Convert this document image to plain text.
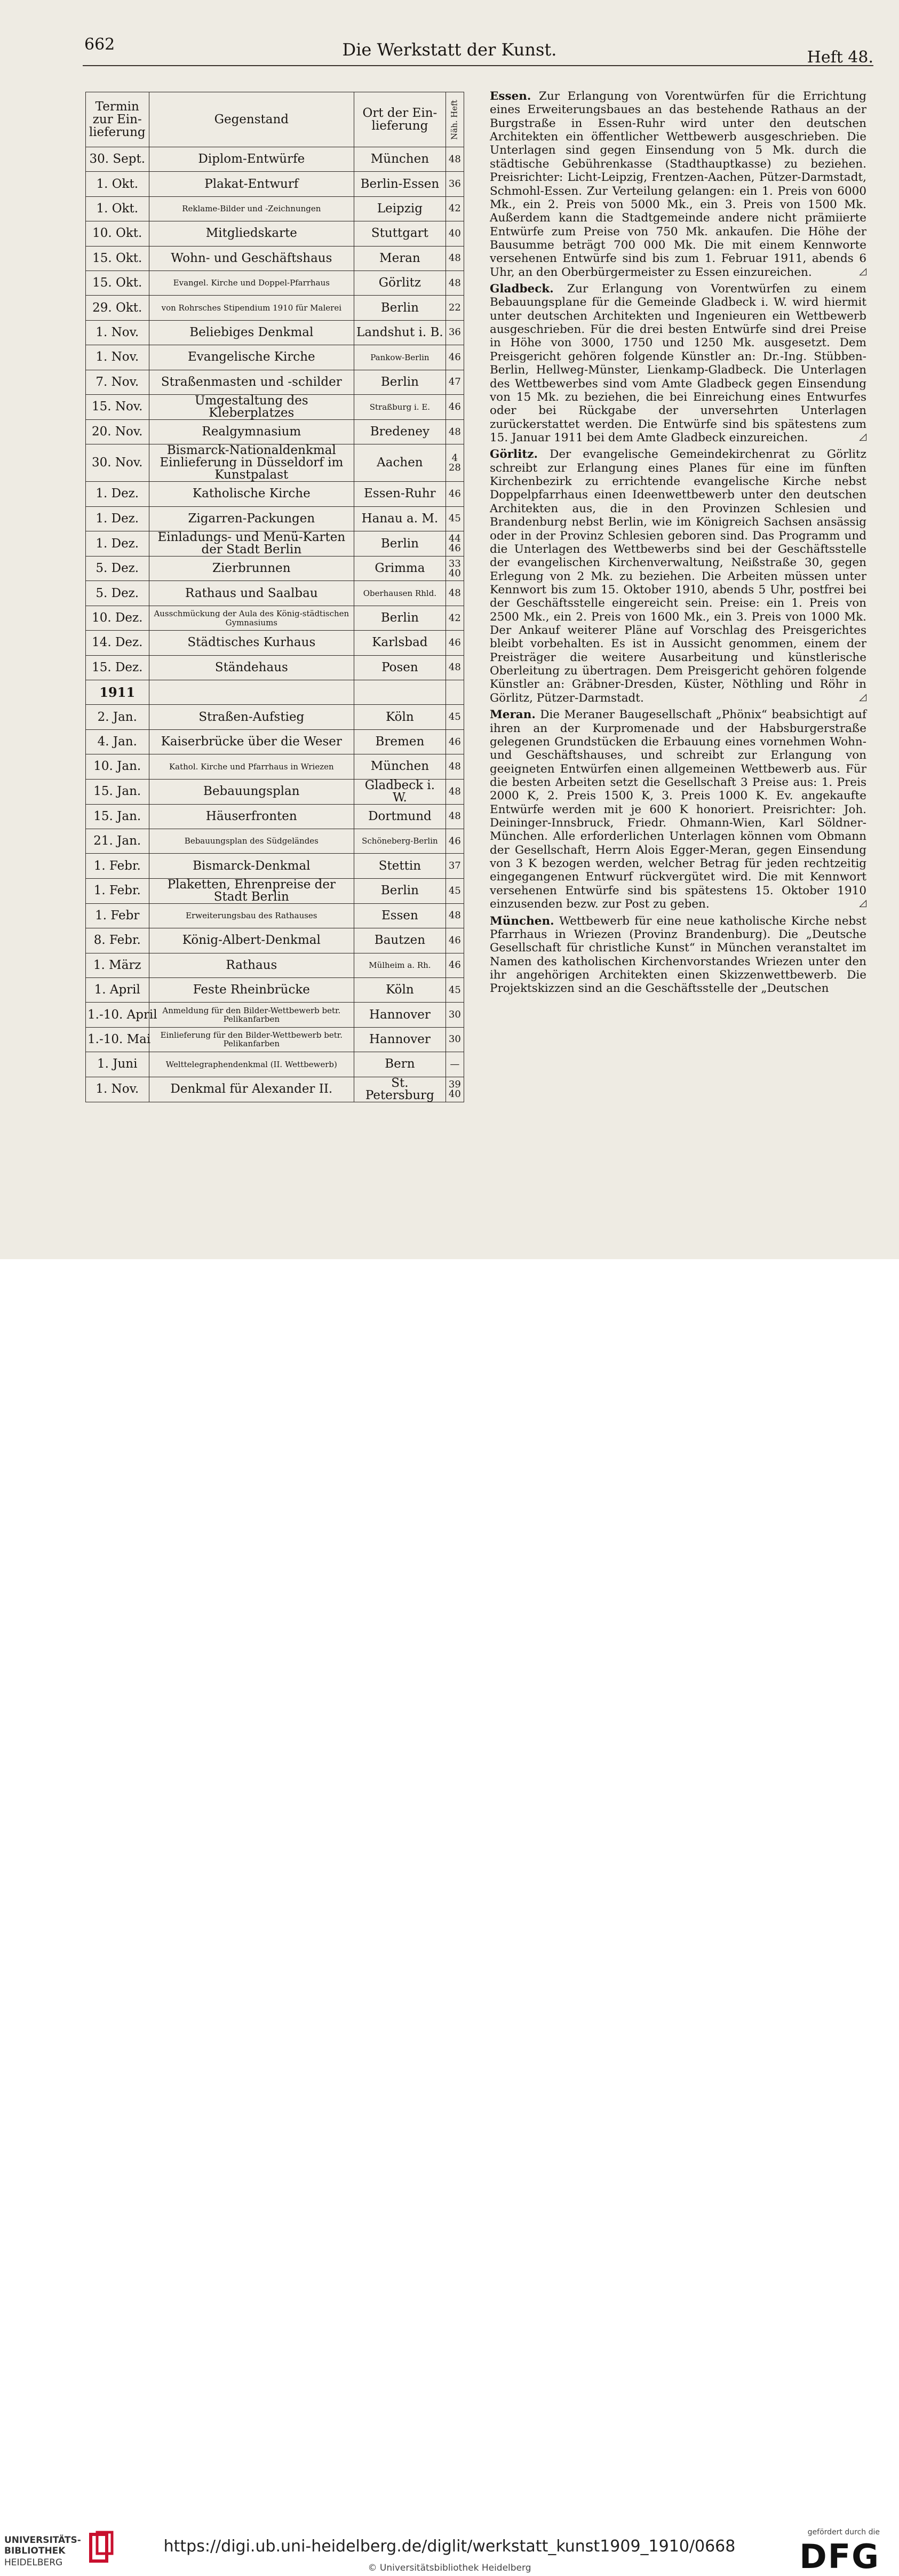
662	Die Werkstatt der Kunst.	Heft 48.
Termin zur Ein-lieferung	Gegenstand	Ort der Ein-lieferung	Näh. Heft
30. Sept.	Diplom-Entwürfe	München	48
1. Okt.	Plakat-Entwurf	Berlin-Essen	36
1. Okt.	Reklame-Bilder und -Zeichnungen	Leipzig	42
10. Okt.	Mitgliedskarte	Stuttgart	40
15. Okt.	Wohn- und Geschäftshaus	Meran	48
15. Okt.	Evangel. Kirche und Doppel-Pfarrhaus	Görlitz	48
29. Okt.	von Rohrsches Stipendium 1910 für Malerei	Berlin	22
1. Nov.	Beliebiges Denkmal	Landshut i. B.	36
1. Nov.	Evangelische Kirche	Pankow-Berlin	46
7. Nov.	Straßenmasten und -schilder	Berlin	47
15. Nov.	Umgestaltung des Kleberplatzes	Straßburg i. E.	46
20. Nov.	Realgymnasium	Bredeney	48
30. Nov.	Bismarck-Nationaldenkmal Einlieferung in Düsseldorf im Kunstpalast	Aachen	4 28
1. Dez.	Katholische Kirche	Essen-Ruhr	46
1. Dez.	Zigarren-Packungen	Hanau a. M.	45
1. Dez.	Einladungs- und Menü-Karten der Stadt Berlin	Berlin	44 46
5. Dez.	Zierbrunnen	Grimma	33 40
5. Dez.	Rathaus und Saalbau	Oberhausen Rhld.	48
10. Dez.	Ausschmückung der Aula des König-städtischen Gymnasiums	Berlin	42
14. Dez.	Städtisches Kurhaus	Karlsbad	46
15. Dez.	Ständehaus	Posen	48
1911			
2. Jan.	Straßen-Aufstieg	Köln	45
4. Jan.	Kaiserbrücke über die Weser	Bremen	46
10. Jan.	Kathol. Kirche und Pfarrhaus in Wriezen	München	48
15. Jan.	Bebauungsplan	Gladbeck i. W.	48
15. Jan.	Häuserfronten	Dortmund	48
21. Jan.	Bebauungsplan des Südgeländes	Schöneberg-Berlin	46
1. Febr.	Bismarck-Denkmal	Stettin	37
1. Febr.	Plaketten, Ehrenpreise der Stadt Berlin	Berlin	45
1. Febr	Erweiterungsbau des Rathauses	Essen	48
8. Febr.	König-Albert-Denkmal	Bautzen	46
1. März	Rathaus	Mülheim a. Rh.	46
1. April	Feste Rheinbrücke	Köln	45
1.-10. April	Anmeldung für den Bilder-Wettbewerb betr. Pelikanfarben	Hannover	30
1.-10. Mai	Einlieferung für den Bilder-Wettbewerb betr. Pelikanfarben	Hannover	30
1. Juni	Welttelegraphendenkmal (II. Wettbewerb)	Bern	—
1. Nov.	Denkmal für Alexander II.	St. Petersburg	39 40

Essen. Zur Erlangung von Vorentwürfen für die Errichtung eines Erweiterungsbaues an das bestehende Rathaus an der Burgstraße in Essen-Ruhr wird unter den deutschen Architekten ein öffentlicher Wettbewerb ausgeschrieben. Die Unterlagen sind gegen Einsendung von 5 Mk. durch die städtische Gebührenkasse (Stadthauptkasse) zu beziehen. Preisrichter: Licht-Leipzig, Frentzen-Aachen, Pützer-Darmstadt, Schmohl-Essen. Zur Verteilung gelangen: ein 1. Preis von 6000 Mk., ein 2. Preis von 5000 Mk., ein 3. Preis von 1500 Mk. Außerdem kann die Stadtgemeinde andere nicht prämiierte Entwürfe zum Preise von 750 Mk. ankaufen. Die Höhe der Bausumme beträgt 700 000 Mk. Die mit einem Kennworte versehenen Entwürfe sind bis zum 1. Februar 1911, abends 6 Uhr, an den Oberbürgermeister zu Essen einzureichen.	◿

Gladbeck. Zur Erlangung von Vorentwürfen zu einem Bebauungsplane für die Gemeinde Gladbeck i. W. wird hiermit unter deutschen Architekten und Ingenieuren ein Wettbewerb ausgeschrieben. Für die drei besten Entwürfe sind drei Preise in Höhe von 3000, 1750 und 1250 Mk. ausgesetzt. Dem Preisgericht gehören folgende Künstler an: Dr.-Ing. Stübben-Berlin, Hellweg-Münster, Lienkamp-Gladbeck. Die Unterlagen des Wettbewerbes sind vom Amte Gladbeck gegen Einsendung von 15 Mk. zu beziehen, die bei Einreichung eines Entwurfes oder bei Rückgabe der unversehrten Unterlagen zurückerstattet werden. Die Entwürfe sind bis spätestens zum 15. Januar 1911 bei dem Amte Gladbeck einzureichen.	◿

Görlitz. Der evangelische Gemeindekirchenrat zu Görlitz schreibt zur Erlangung eines Planes für eine im fünften Kirchenbezirk zu errichtende evangelische Kirche nebst Doppelpfarrhaus einen Ideenwettbewerb unter den deutschen Architekten aus, die in den Provinzen Schlesien und Brandenburg nebst Berlin, wie im Königreich Sachsen ansässig oder in der Provinz Schlesien geboren sind. Das Programm und die Unterlagen des Wettbewerbs sind bei der Geschäftsstelle der evangelischen Kirchenverwaltung, Neißstraße 30, gegen Erlegung von 2 Mk. zu beziehen. Die Arbeiten müssen unter Kennwort bis zum 15. Oktober 1910, abends 5 Uhr, postfrei bei der Geschäftsstelle eingereicht sein. Preise: ein 1. Preis von 2500 Mk., ein 2. Preis von 1600 Mk., ein 3. Preis von 1000 Mk. Der Ankauf weiterer Pläne auf Vorschlag des Preisgerichtes bleibt vorbehalten. Es ist in Aussicht genommen, einem der Preisträger die weitere Ausarbeitung und künstlerische Oberleitung zu übertragen. Dem Preisgericht gehören folgende Künstler an: Gräbner-Dresden, Küster, Nöthling und Röhr in Görlitz, Pützer-Darmstadt.	◿

Meran. Die Meraner Baugesellschaft „Phönix“ beabsichtigt auf ihren an der Kurpromenade und der Habsburgerstraße gelegenen Grundstücken die Erbauung eines vornehmen Wohn- und Geschäftshauses, und schreibt zur Erlangung von geeigneten Entwürfen einen allgemeinen Wettbewerb aus. Für die besten Arbeiten setzt die Gesellschaft 3 Preise aus: 1. Preis 2000 K, 2. Preis 1500 K, 3. Preis 1000 K. Ev. angekaufte Entwürfe werden mit je 600 K honoriert. Preisrichter: Joh. Deininger-Innsbruck, Friedr. Ohmann-Wien, Karl Söldner-München. Alle erforderlichen Unterlagen können vom Obmann der Gesellschaft, Herrn Alois Egger-Meran, gegen Einsendung von 3 K bezogen werden, welcher Betrag für jeden rechtzeitig eingegangenen Entwurf rückvergütet wird. Die mit Kennwort versehenen Entwürfe sind bis spätestens 15. Oktober 1910 einzusenden bezw. zur Post zu geben.	◿

München. Wettbewerb für eine neue katholische Kirche nebst Pfarrhaus in Wriezen (Provinz Brandenburg). Die „Deutsche Gesellschaft für christliche Kunst“ in München veranstaltet im Namen des katholischen Kirchenvorstandes Wriezen unter den ihr angehörigen Architekten einen Skizzenwettbewerb. Die Projektskizzen sind an die Geschäftsstelle der „Deutschen

UNIVERSITÄTS-
BIBLIOTHEK
HEIDELBERG
https://digi.ub.uni-heidelberg.de/diglit/werkstatt_kunst1909_1910/0668
© Universitätsbibliothek Heidelberg
gefördert durch die
DFG
